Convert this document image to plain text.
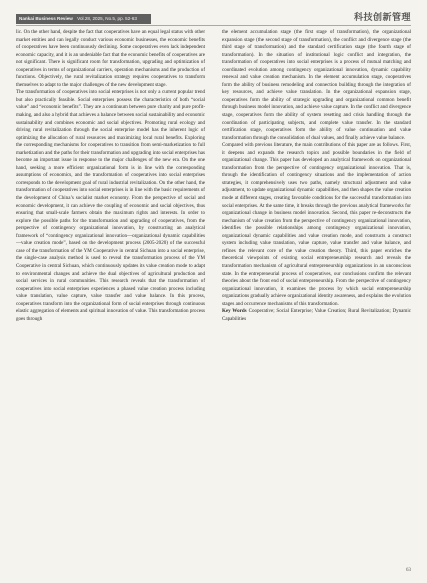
Nankai Business Review Vol.28, 2025, No.5, pp. 52-63	科技创新管理

lic. On the other hand, despite the fact that cooperatives have an equal legal status with other market entities and can legally conduct various economic businesses, the economic benefits of cooperatives have been continuously declining. Some cooperatives even lack independent economic capacity, and it is an undeniable fact that the economic benefits of cooperatives are not significant. There is significant room for transformation, upgrading and optimization of cooperatives in terms of organizational carriers, operation mechanisms and the production of functions. Objectively, the rural revitalization strategy requires cooperatives to transform themselves to adapt to the major challenges of the new development stage.

The transformation of cooperatives into social enterprises is not only a current popular trend but also practically feasible. Social enterprises possess the characteristics of both “social value” and “economic benefits”. They are a continuum between pure charity and pure profit-making, and also a hybrid that achieves a balance between social sustainability and economic sustainability and combines economic and social objectives. Promoting rural ecology and driving rural revitalization through the social enterprise model has the inherent logic of optimizing the allocation of rural resources and maximizing local rural benefits. Exploring the corresponding mechanisms for cooperatives to transition from semi-marketization to full marketization and the paths for their transformation and upgrading into social enterprises has become an important issue in response to the major challenges of the new era. On the one hand, seeking a more efficient organizational form is in line with the corresponding assumptions of economics, and the transformation of cooperatives into social enterprises corresponds to the development goal of rural industrial revitalization. On the other hand, the transformation of cooperatives into social enterprises is in line with the basic requirements of the development of China’s socialist market economy. From the perspective of social and economic development, it can achieve the coupling of economic and social objectives, thus ensuring that small-scale farmers obtain the maximum rights and interests. In order to explore the possible paths for the transformation and upgrading of cooperatives, from the perspective of contingency organizational innovation, by constructing an analytical framework of “contingency organizational innovation—organizational dynamic capabilities—value creation mode”, based on the development process (2005-2020) of the successful case of the transformation of the YM Cooperative in central Sichuan into a social enterprise, the single-case analysis method is used to reveal the transformation process of the YM Cooperative in central Sichuan, which continuously updates its value creation mode to adapt to environmental changes and achieve the dual objectives of agricultural production and social services in rural communities. This research reveals that the transformation of cooperatives into social enterprises experiences a phased value creation process including value translation, value capture, value transfer and value balance. In this process, cooperatives transform into the organizational form of social enterprises through continuous elastic aggregation of elements and spiritual innovation of value. This transformation process goes through

the element accumulation stage (the first stage of transformation), the organizational expansion stage (the second stage of transformation), the conflict and divergence stage (the third stage of transformation) and the standard certification stage (the fourth stage of transformation). In the situation of institutional logic conflict and integration, the transformation of cooperatives into social enterprises is a process of mutual matching and coordinated evolution among contingency organizational innovation, dynamic capability renewal and value creation mechanism. In the element accumulation stage, cooperatives form the ability of business remodeling and connection building through the integration of key resources, and achieve value translation. In the organizational expansion stage, cooperatives form the ability of strategic upgrading and organizational common benefit through business model innovation, and achieve value capture. In the conflict and divergence stage, cooperatives form the ability of system resetting and crisis handling through the coordination of participating subjects, and complete value transfer. In the standard certification stage, cooperatives form the ability of value continuation and value transformation through the consolidation of dual values, and finally achieve value balance.

Compared with previous literature, the main contributions of this paper are as follows. First, it deepens and expands the research topics and possible boundaries in the field of organizational change. This paper has developed an analytical framework on organizational transformation from the perspective of contingency organizational innovation. That is, through the identification of contingency situations and the implementation of action strategies, it comprehensively uses two paths, namely structural adjustment and value adjustment, to update organizational dynamic capabilities, and then shapes the value creation mode at different stages, creating favorable conditions for the successful transformation into social enterprises. At the same time, it breaks through the previous analytical frameworks for organizational change in business model innovation. Second, this paper re-deconstructs the mechanism of value creation from the perspective of contingency organizational innovation, identifies the possible relationships among contingency organizational innovation, organizational dynamic capabilities and value creation mode, and constructs a construct system including value translation, value capture, value transfer and value balance, and refines the relevant core of the value creation theory. Third, this paper enriches the theoretical viewpoints of existing social entrepreneurship research and reveals the transformation mechanism of agricultural entrepreneurship organizations in an unconscious state. In the entrepreneurial process of cooperatives, our conclusions confirm the relevant theories about the front end of social entrepreneurship. From the perspective of contingency organizational innovation, it examines the process by which social entrepreneurship organizations gradually achieve organizational identity awareness, and explains the evolution stages and occurrence mechanisms of this transformation.

Key Words Cooperative; Social Enterprise; Value Creation; Rural Revitalization; Dynamic Capabilities

63
